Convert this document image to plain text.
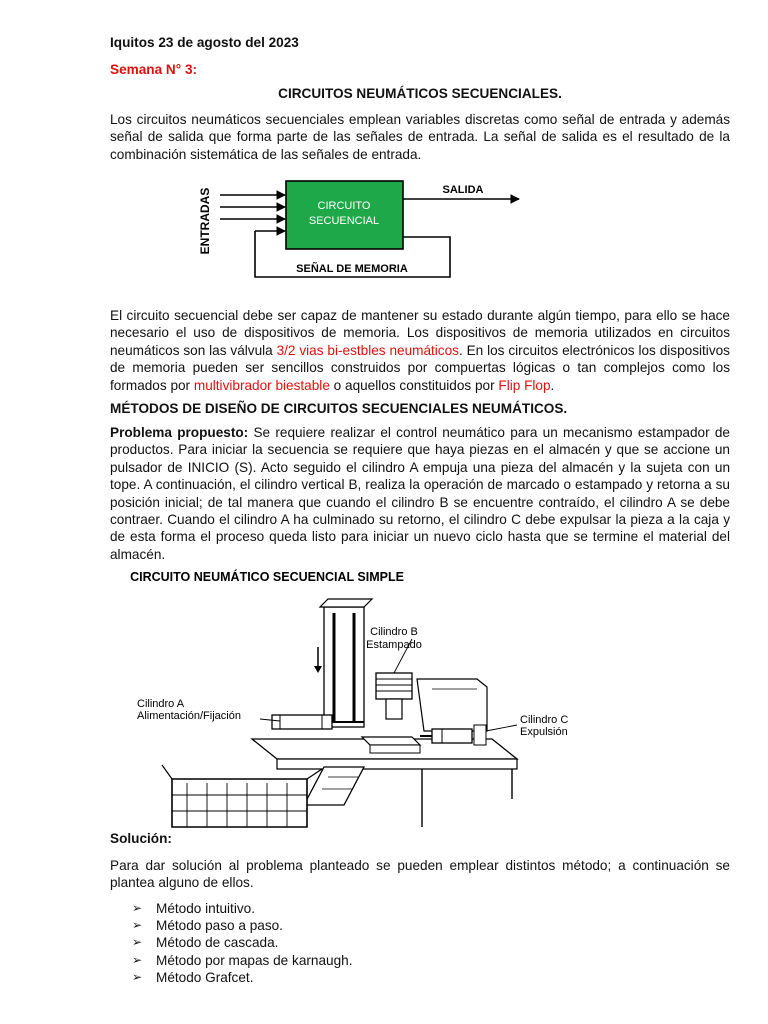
Iquitos 23 de agosto del 2023
Semana N° 3:
CIRCUITOS NEUMÁTICOS SECUENCIALES.

Los circuitos neumáticos secuenciales emplean variables discretas como señal de entrada y además señal de salida que forma parte de las señales de entrada. La señal de salida es el resultado de la combinación sistemática de las señales de entrada.

ENTRADAS	CIRCUITO
SECUENCIAL
SALIDA
SEÑAL DE MEMORIA

El circuito secuencial debe ser capaz de mantener su estado durante algún tiempo, para ello se hace necesario el uso de dispositivos de memoria. Los dispositivos de memoria utilizados en circuitos neumáticos son las válvula 3/2 vias bi-estbles neumáticos. En los circuitos electrónicos los dispositivos de memoria pueden ser sencillos construidos por compuertas lógicas o tan complejos como los formados por multivibrador biestable o aquellos constituidos por Flip Flop.

MÉTODOS DE DISEÑO DE CIRCUITOS SECUENCIALES NEUMÁTICOS.

Problema propuesto: Se requiere realizar el control neumático para un mecanismo estampador de productos. Para iniciar la secuencia se requiere que haya piezas en el almacén y que se accione un pulsador de INICIO (S). Acto seguido el cilindro A empuja una pieza del almacén y la sujeta con un tope. A continuación, el cilindro vertical B, realiza la operación de marcado o estampado y retorna a su posición inicial; de tal manera que cuando el cilindro B se encuentre contraído, el cilindro A se debe contraer. Cuando el cilindro A ha culminado su retorno, el cilindro C debe expulsar la pieza a la caja y de esta forma el proceso queda listo para iniciar un nuevo ciclo hasta que se termine el material del almacén.

CIRCUITO NEUMÁTICO SECUENCIAL SIMPLE
Cilindro B
Estampado
Cilindro A
Alimentación/Fijación	Cilindro C
Expulsión
Solución:

Para dar solución al problema planteado se pueden emplear distintos método; a continuación se plantea alguno de ellos.

➢ Método intuitivo.
➢ Método paso a paso.
➢ Método de cascada.
➢ Método por mapas de karnaugh.
➢ Método Grafcet.
